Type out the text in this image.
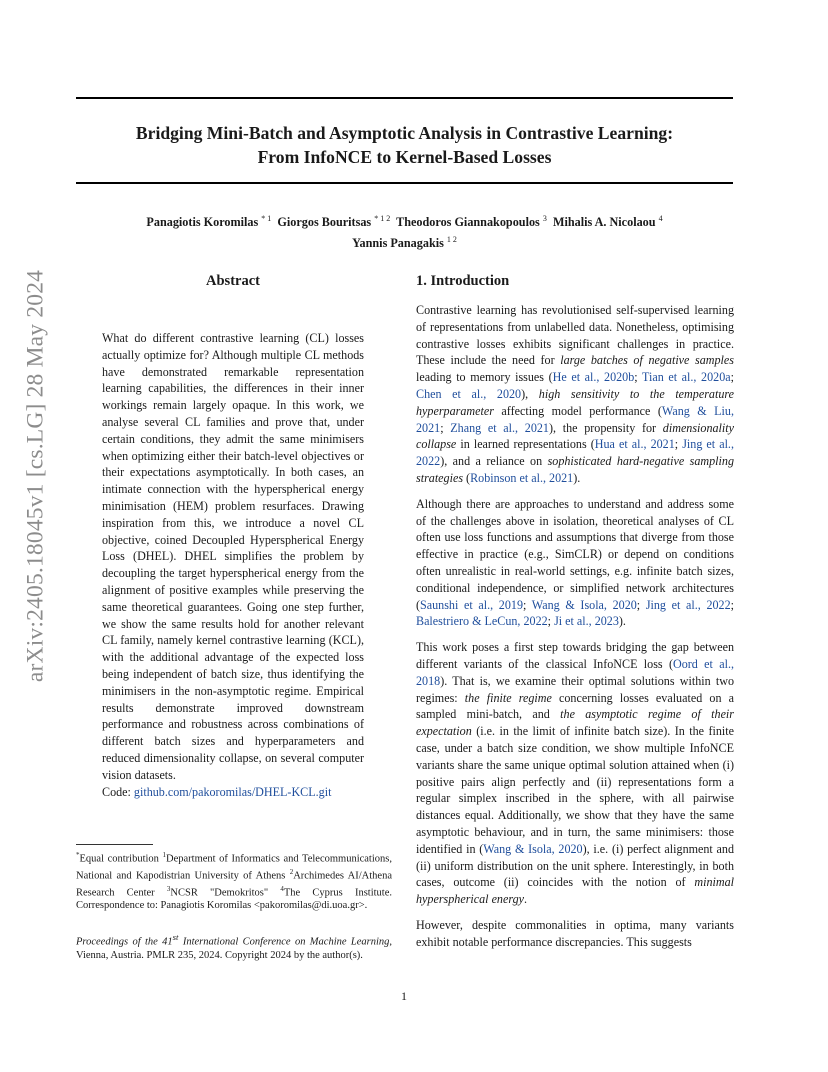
arXiv:2405.18045v1 [cs.LG] 28 May 2024
Bridging Mini-Batch and Asymptotic Analysis in Contrastive Learning:
From InfoNCE to Kernel-Based Losses
Panagiotis Koromilas $^{* 1}$ Giorgos Bouritsas $^{* 1 2}$ Theodoros Giannakopoulos $^3$ Mihalis A. Nicolaou $^4$
Yannis Panagakis $^{1 2}$
Abstract

What do different contrastive learning (CL) losses actually optimize for? Although multiple CL methods have demonstrated remarkable representation learning capabilities, the differences in their inner workings remain largely opaque. In this work, we analyse several CL families and prove that, under certain conditions, they admit the same minimisers when optimizing either their batch-level objectives or their expectations asymptotically. In both cases, an intimate connection with the hyperspherical energy minimisation (HEM) problem resurfaces. Drawing inspiration from this, we introduce a novel CL objective, coined Decoupled Hyperspherical Energy Loss (DHEL). DHEL simplifies the problem by decoupling the target hyperspherical energy from the alignment of positive examples while preserving the same theoretical guarantees. Going one step further, we show the same results hold for another relevant CL family, namely kernel contrastive learning (KCL), with the additional advantage of the expected loss being independent of batch size, thus identifying the minimisers in the non-asymptotic regime. Empirical results demonstrate improved downstream performance and robustness across combinations of different batch sizes and hyperparameters and reduced dimensionality collapse, on several computer vision datasets.

Code: github.com/pakoromilas/DHEL-KCL.git
1. Introduction

Contrastive learning has revolutionised self-supervised learning of representations from unlabelled data. Nonetheless, optimising contrastive losses exhibits significant challenges in practice. These include the need for large batches of negative samples leading to memory issues (He et al., 2020b; Tian et al., 2020a; Chen et al., 2020), high sensitivity to the temperature hyperparameter affecting model performance (Wang & Liu, 2021; Zhang et al., 2021), the propensity for dimensionality collapse in learned representations (Hua et al., 2021; Jing et al., 2022), and a reliance on sophisticated hard-negative sampling strategies (Robinson et al., 2021).

Although there are approaches to understand and address some of the challenges above in isolation, theoretical analyses of CL often use loss functions and assumptions that diverge from those effective in practice (e.g., SimCLR) or depend on conditions often unrealistic in real-world settings, e.g. infinite batch sizes, conditional independence, or simplified network architectures (Saunshi et al., 2019; Wang & Isola, 2020; Jing et al., 2022; Balestriero & LeCun, 2022; Ji et al., 2023).

This work poses a first step towards bridging the gap between different variants of the classical InfoNCE loss (Oord et al., 2018). That is, we examine their optimal solutions within two regimes: the finite regime concerning losses evaluated on a sampled mini-batch, and the asymptotic regime of their expectation (i.e. in the limit of infinite batch size). In the finite case, under a batch size condition, we show multiple InfoNCE variants share the same unique optimal solution attained when (i) positive pairs align perfectly and (ii) representations form a regular simplex inscribed in the sphere, with all pairwise distances equal. Additionally, we show that they have the same asymptotic behaviour, and in turn, the same minimisers: those identified in (Wang & Isola, 2020), i.e. (i) perfect alignment and (ii) uniform distribution on the unit sphere. Interestingly, in both cases, outcome (ii) coincides with the notion of minimal hyperspherical energy.

However, despite commonalities in optima, many variants exhibit notable performance discrepancies. This suggests

*Equal contribution $^1$Department of Informatics and Telecommunications, National and Kapodistrian University of Athens $^2$Archimedes AI/Athena Research Center $^3$NCSR "Demokritos" $^4$The Cyprus Institute. Correspondence to: Panagiotis Koromilas <pakoromilas@di.uoa.gr>.
Proceedings of the 41st International Conference on Machine Learning, Vienna, Austria. PMLR 235, 2024. Copyright 2024 by the author(s).
1
